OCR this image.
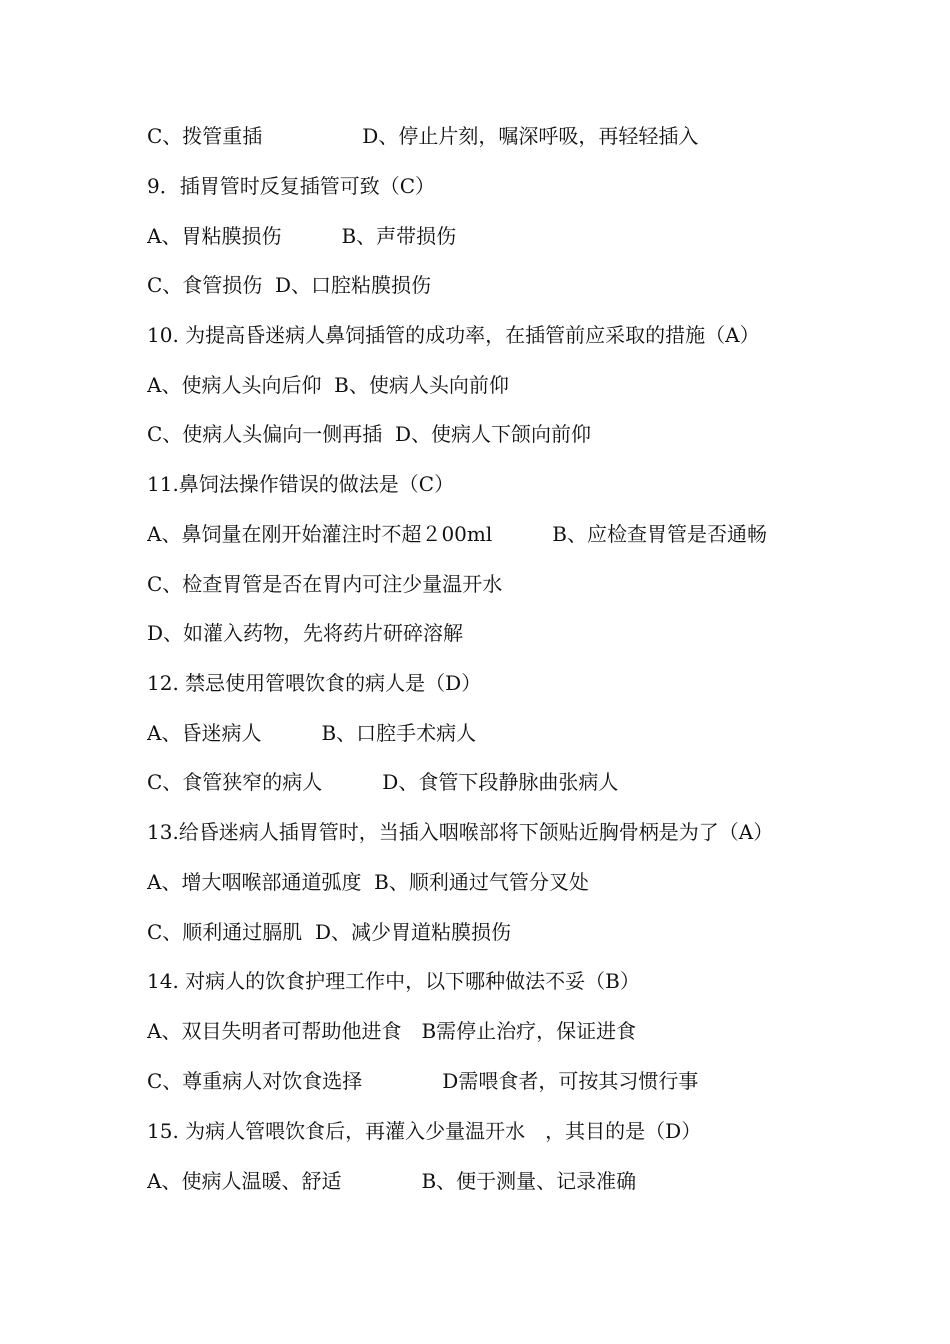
C、拨管重插　　　　　D、停止片刻，嘱深呼吸，再轻轻插入
9．插胃管时反复插管可致（C）
A、胃粘膜损伤　　　B、声带损伤
C、食管损伤  D、口腔粘膜损伤
10. 为提高昏迷病人鼻饲插管的成功率，在插管前应采取的措施（A）
A、使病人头向后仰  B、使病人头向前仰
C、使病人头偏向一侧再插  D、使病人下颌向前仰
11.鼻饲法操作错误的做法是（C）
A、鼻饲量在刚开始灌注时不超２00ml　　　B、应检查胃管是否通畅
C、检查胃管是否在胃内可注少量温开水
D、如灌入药物，先将药片研碎溶解
12. 禁忌使用管喂饮食的病人是（D）
A、昏迷病人　　　B、口腔手术病人
C、食管狭窄的病人　　　D、食管下段静脉曲张病人
13.给昏迷病人插胃管时，当插入咽喉部将下颌贴近胸骨柄是为了（A）
A、增大咽喉部通道弧度  B、顺利通过气管分叉处
C、顺利通过膈肌  D、减少胃道粘膜损伤
14. 对病人的饮食护理工作中，以下哪种做法不妥（B）
A、双目失明者可帮助他进食　B需停止治疗，保证进食
C、尊重病人对饮食选择　　　　D需喂食者，可按其习惯行事
15. 为病人管喂饮食后，再灌入少量温开水　，其目的是（D）
A、使病人温暖、舒适　　　　B、便于测量、记录准确
